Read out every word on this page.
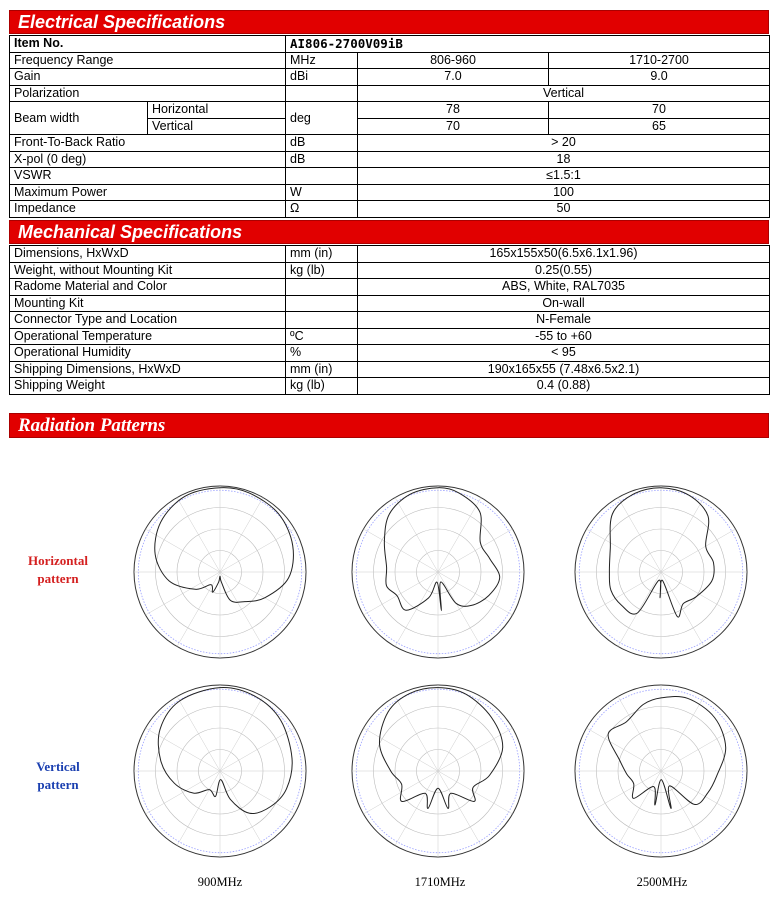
Electrical Specifications
Item No.		AI806-2700V09iB		
Frequency Range		MHz	806-960	1710-2700
Gain		dBi	7.0	9.0
Polarization			Vertical	
Beam width	Horizontal	deg	78	70
	Vertical		70	65
Front-To-Back Ratio		dB	> 20	
X-pol (0 deg)		dB	18	
VSWR			≤1.5:1	
Maximum Power		W	100	
Impedance		Ω	50	
Mechanical Specifications
Dimensions, HxWxD	mm (in)	165x155x50(6.5x6.1x1.96)
Weight, without Mounting Kit	kg (lb)	0.25(0.55)
Radome Material and Color		ABS, White, RAL7035
Mounting Kit		On-wall
Connector Type and Location		N-Female
Operational Temperature	ºC	-55 to +60
Operational Humidity	%	< 95
Shipping Dimensions, HxWxD	mm (in)	190x165x55 (7.48x6.5x2.1)
Shipping Weight	kg (lb)	0.4 (0.88)
Radiation Patterns
Horizontal
pattern
Vertical
pattern
900MHz	1710MHz	2500MHz
